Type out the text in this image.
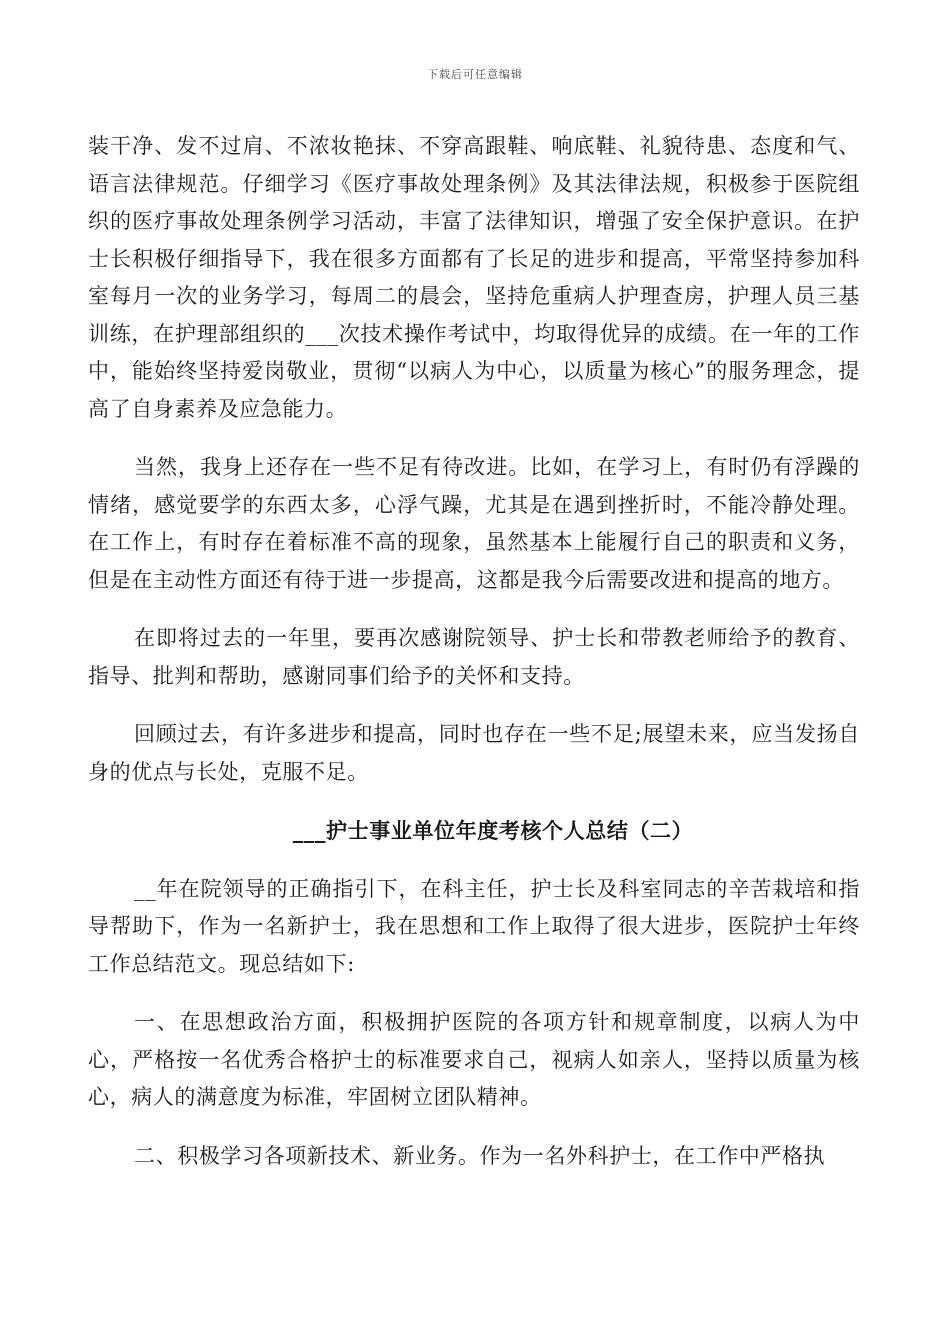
下载后可任意编辑

装干净、发不过肩、不浓妆艳抹、不穿高跟鞋、响底鞋、礼貌待患、态度和气、语言法律规范。仔细学习《医疗事故处理条例》及其法律法规，积极参于医院组织的医疗事故处理条例学习活动，丰富了法律知识，增强了安全保护意识。在护士长积极仔细指导下，我在很多方面都有了长足的进步和提高，平常坚持参加科室每月一次的业务学习，每周二的晨会，坚持危重病人护理查房，护理人员三基训练，在护理部组织的___次技术操作考试中，均取得优异的成绩。在一年的工作中，能始终坚持爱岗敬业，贯彻“以病人为中心，以质量为核心”的服务理念，提高了自身素养及应急能力。

当然，我身上还存在一些不足有待改进。比如，在学习上，有时仍有浮躁的情绪，感觉要学的东西太多，心浮气躁，尤其是在遇到挫折时，不能冷静处理。在工作上，有时存在着标准不高的现象，虽然基本上能履行自己的职责和义务，但是在主动性方面还有待于进一步提高，这都是我今后需要改进和提高的地方。

在即将过去的一年里，要再次感谢院领导、护士长和带教老师给予的教育、指导、批判和帮助，感谢同事们给予的关怀和支持。

回顾过去，有许多进步和提高，同时也存在一些不足;展望未来，应当发扬自身的优点与长处，克服不足。

___护士事业单位年度考核个人总结（二）

__年在院领导的正确指引下，在科主任，护士长及科室同志的辛苦栽培和指导帮助下，作为一名新护士，我在思想和工作上取得了很大进步，医院护士年终工作总结范文。现总结如下:

一、在思想政治方面，积极拥护医院的各项方针和规章制度，以病人为中心，严格按一名优秀合格护士的标准要求自己，视病人如亲人，坚持以质量为核心，病人的满意度为标准，牢固树立团队精神。

二、积极学习各项新技术、新业务。作为一名外科护士，在工作中严格执
